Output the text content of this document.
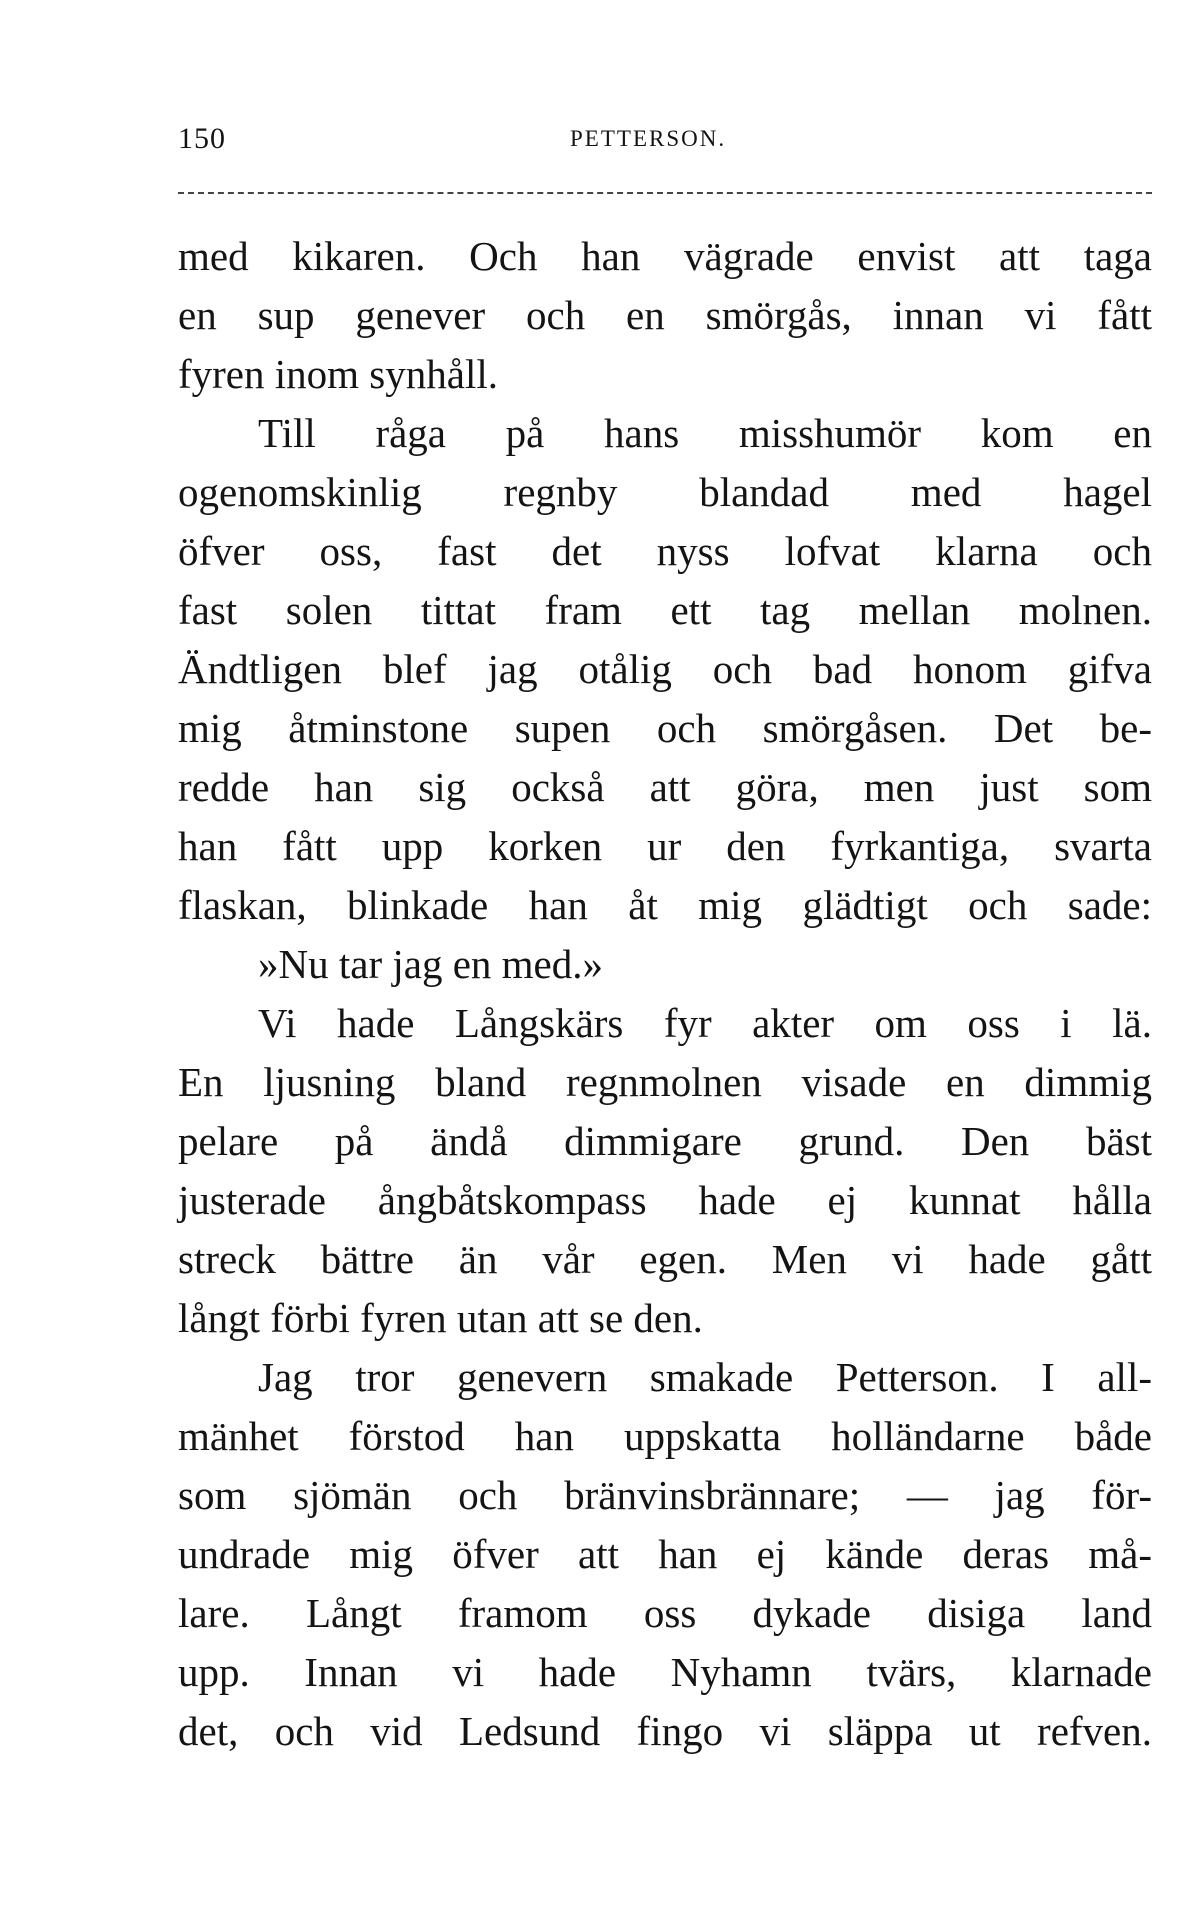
150	PETTERSON.
med kikaren. Och han vägrade envist att taga
en sup genever och en smörgås, innan vi fått
fyren inom synhåll.
Till råga på hans misshumör kom en
ogenomskinlig regnby blandad med hagel
öfver oss, fast det nyss lofvat klarna och
fast solen tittat fram ett tag mellan molnen.
Ändtligen blef jag otålig och bad honom gifva
mig åtminstone supen och smörgåsen. Det be-
redde han sig också att göra, men just som
han fått upp korken ur den fyrkantiga, svarta
flaskan, blinkade han åt mig glädtigt och sade:
»Nu tar jag en med.»
Vi hade Långskärs fyr akter om oss i lä.
En ljusning bland regnmolnen visade en dimmig
pelare på ändå dimmigare grund. Den bäst
justerade ångbåtskompass hade ej kunnat hålla
streck bättre än vår egen. Men vi hade gått
långt förbi fyren utan att se den.
Jag tror genevern smakade Petterson. I all-
mänhet förstod han uppskatta holländarne både
som sjömän och bränvinsbrännare; — jag för-
undrade mig öfver att han ej kände deras må-
lare. Långt framom oss dykade disiga land
upp. Innan vi hade Nyhamn tvärs, klarnade
det, och vid Ledsund fingo vi släppa ut refven.
